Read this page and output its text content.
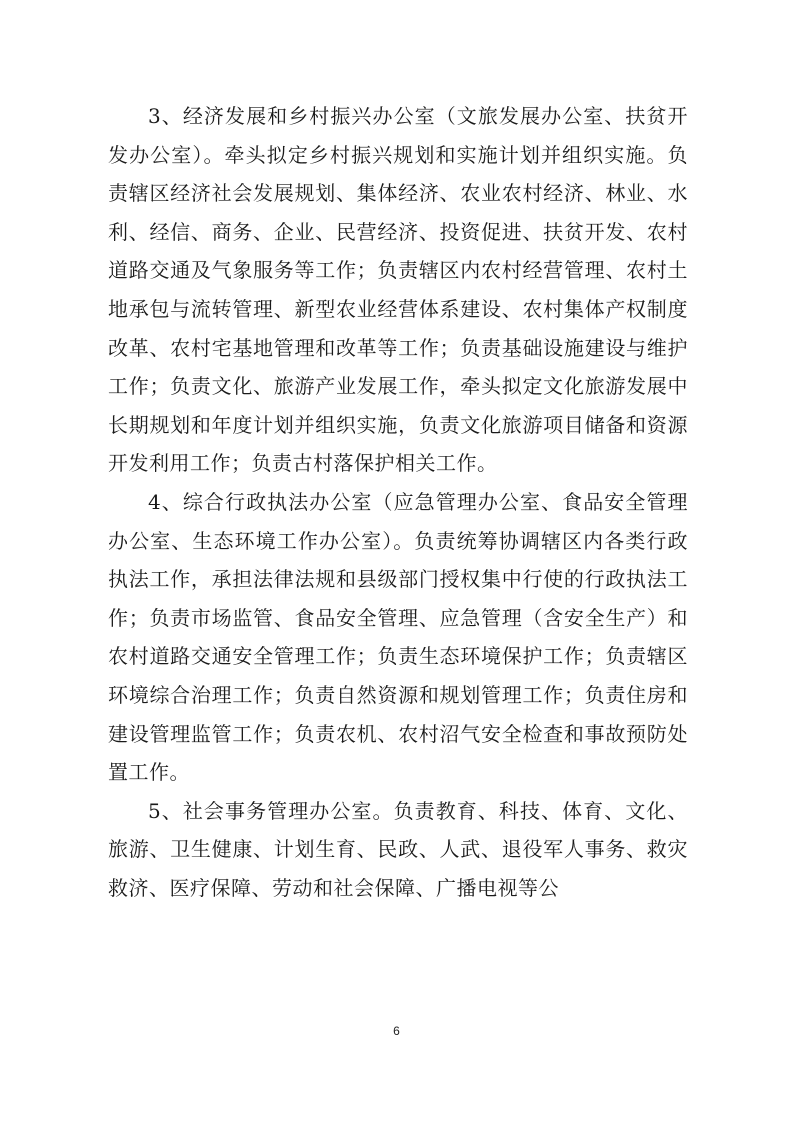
3、经济发展和乡村振兴办公室（文旅发展办公室、扶贫开发办公室）。牵头拟定乡村振兴规划和实施计划并组织实施。负责辖区经济社会发展规划、集体经济、农业农村经济、林业、水利、经信、商务、企业、民营经济、投资促进、扶贫开发、农村道路交通及气象服务等工作；负责辖区内农村经营管理、农村土地承包与流转管理、新型农业经营体系建设、农村集体产权制度改革、农村宅基地管理和改革等工作；负责基础设施建设与维护工作；负责文化、旅游产业发展工作，牵头拟定文化旅游发展中长期规划和年度计划并组织实施，负责文化旅游项目储备和资源开发利用工作；负责古村落保护相关工作。

4、综合行政执法办公室（应急管理办公室、食品安全管理办公室、生态环境工作办公室）。负责统筹协调辖区内各类行政执法工作，承担法律法规和县级部门授权集中行使的行政执法工作；负责市场监管、食品安全管理、应急管理（含安全生产）和农村道路交通安全管理工作；负责生态环境保护工作；负责辖区环境综合治理工作；负责自然资源和规划管理工作；负责住房和建设管理监管工作；负责农机、农村沼气安全检查和事故预防处置工作。

5、社会事务管理办公室。负责教育、科技、体育、文化、旅游、卫生健康、计划生育、民政、人武、退役军人事务、救灾救济、医疗保障、劳动和社会保障、广播电视等公

6
